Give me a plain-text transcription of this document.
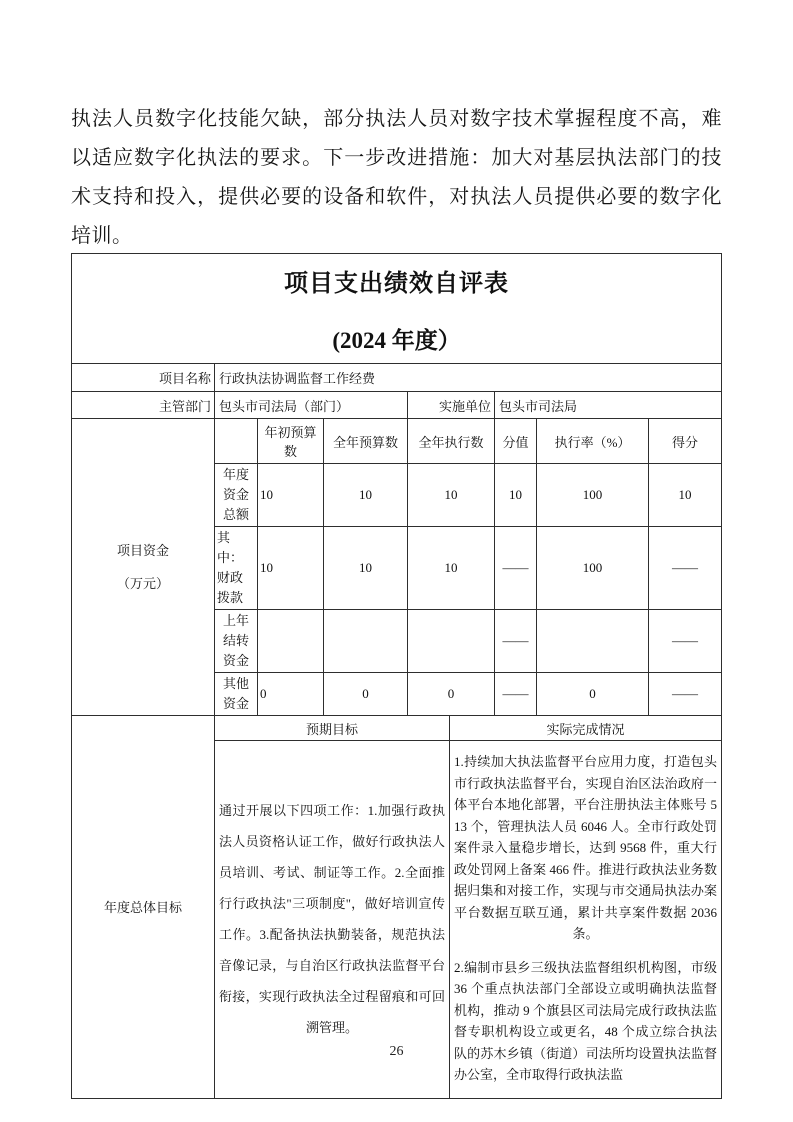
执法人员数字化技能欠缺，部分执法人员对数字技术掌握程度不高，难以适应数字化执法的要求。下一步改进措施：加大对基层执法部门的技术支持和投入，提供必要的设备和软件，对执法人员提供必要的数字化培训。

项目支出绩效自评表
(2024 年度）								

项目名称	行政执法协调监督工作经费							
主管部门	包头市司法局（部门）			实施单位		包头市司法局		

项目资金
（万元）		年初预算数	全年预算数	全年执行数		分值	执行率（%）	得分
	年度资金总额	10	10	10		10	100	10
	其中：财政拨款	10	10	10		——	100	——
	上年结转资金					——		——
	其他资金	0	0	0		——	0	——
年度总体目标	预期目标				实际完成情况			
	通过开展以下四项工作：1.加强行政执法人员资格认证工作，做好行政执法人员培训、考试、制证等工作。2.全面推行行政执法"三项制度''，做好培训宣传工作。3.配备执法执勤装备，规范执法音像记录，与自治区行政执法监督平台衔接，实现行政执法全过程留痕和可回溯管理。				1.持续加大执法监督平台应用力度，打造包头市行政执法监督平台，实现自治区法治政府一体平台本地化部署，平台注册执法主体账号 513 个，管理执法人员 6046 人。全市行政处罚案件录入量稳步增长，达到 9568 件，重大行政处罚网上备案 466 件。推进行政执法业务数据归集和对接工作，实现与市交通局执法办案平台数据互联互通，累计共享案件数据 2036 条。

2.编制市县乡三级执法监督组织机构图，市级 36 个重点执法部门全部设立或明确执法监督机构，推动 9 个旗县区司法局完成行政执法监督专职机构设立或更名，48 个成立综合执法队的苏木乡镇（街道）司法所均设置执法监督办公室，全市取得行政执法监			

26
